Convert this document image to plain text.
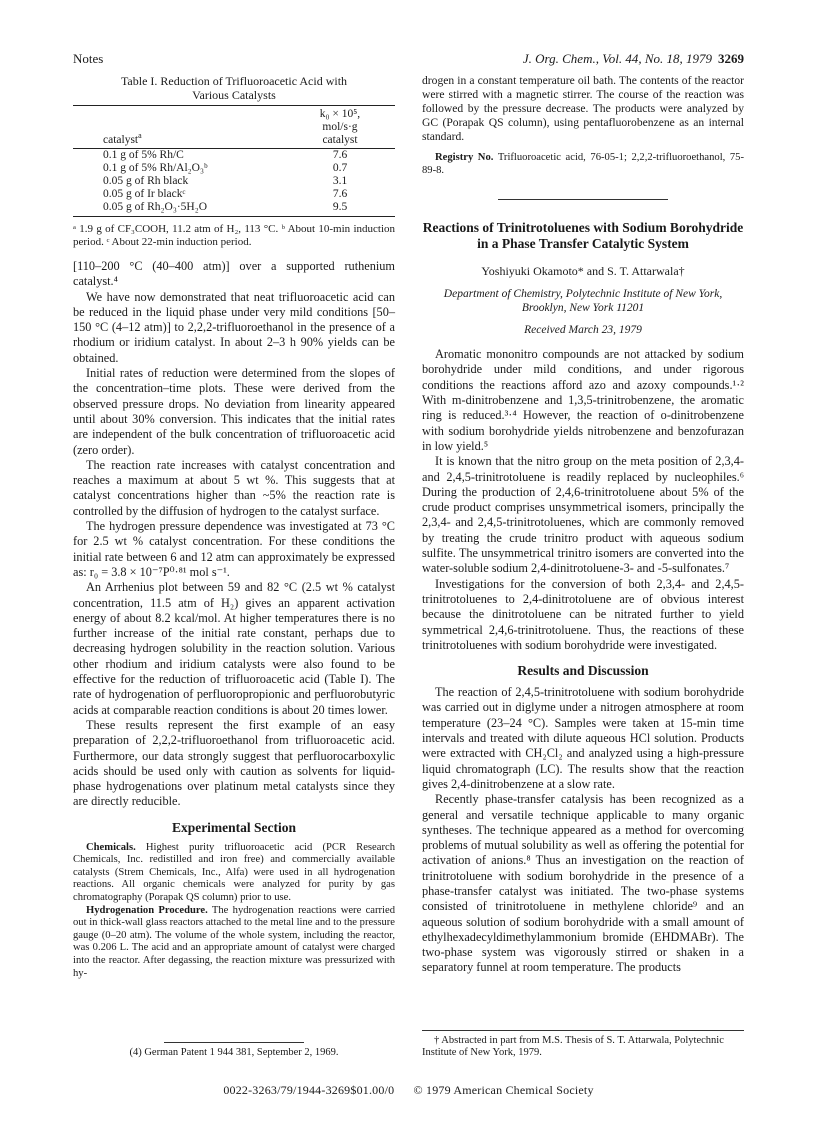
Notes	J. Org. Chem., Vol. 44, No. 18, 1979 3269
Table I. Reduction of Trifluoroacetic Acid with
Various Catalysts
catalyst$^a$	k₀ × 10⁵,
mol/s·g
catalyst

0.1 g of 5% Rh/C	7.6
0.1 g of 5% Rh/Al₂O₃ᵇ	0.7
0.05 g of Rh black	3.1
0.05 g of Ir blackᶜ	7.6
0.05 g of Rh₂O₃·5H₂O	9.5
ᵃ 1.9 g of CF₃COOH, 11.2 atm of H₂, 113 °C. ᵇ About 10-min induction period. ᶜ About 22-min induction period.

[110–200 °C (40–400 atm)] over a supported ruthenium catalyst.⁴

We have now demonstrated that neat trifluoroacetic acid can be reduced in the liquid phase under very mild conditions [50–150 °C (4–12 atm)] to 2,2,2-trifluoroethanol in the presence of a rhodium or iridium catalyst. In about 2–3 h 90% yields can be obtained.

Initial rates of reduction were determined from the slopes of the concentration–time plots. These were derived from the observed pressure drops. No deviation from linearity appeared until about 30% conversion. This indicates that the initial rates are independent of the bulk concentration of trifluoroacetic acid (zero order).

The reaction rate increases with catalyst concentration and reaches a maximum at about 5 wt %. This suggests that at catalyst concentrations higher than ~5% the reaction rate is controlled by the diffusion of hydrogen to the catalyst surface.

The hydrogen pressure dependence was investigated at 73 °C for 2.5 wt % catalyst concentration. For these conditions the initial rate between 6 and 12 atm can approximately be expressed as: r₀ = 3.8 × 10⁻⁷P⁰·⁸¹ mol s⁻¹.

An Arrhenius plot between 59 and 82 °C (2.5 wt % catalyst concentration, 11.5 atm of H₂) gives an apparent activation energy of about 8.2 kcal/mol. At higher temperatures there is no further increase of the initial rate constant, perhaps due to decreasing hydrogen solubility in the reaction solution. Various other rhodium and iridium catalysts were also found to be effective for the reduction of trifluoroacetic acid (Table I). The rate of hydrogenation of perfluoropropionic and perfluorobutyric acids at comparable reaction conditions is about 20 times lower.

These results represent the first example of an easy preparation of 2,2,2-trifluoroethanol from trifluoroacetic acid. Furthermore, our data strongly suggest that perfluorocarboxylic acids should be used only with caution as solvents for liquid-phase hydrogenations over platinum metal catalysts since they are directly reducible.

Experimental Section

Chemicals. Highest purity trifluoroacetic acid (PCR Research Chemicals, Inc. redistilled and iron free) and commercially available catalysts (Strem Chemicals, Inc., Alfa) were used in all hydrogenation reactions. All organic chemicals were analyzed for purity by gas chromatography (Porapak QS column) prior to use.

Hydrogenation Procedure. The hydrogenation reactions were carried out in thick-wall glass reactors attached to the metal line and to the pressure gauge (0–20 atm). The volume of the whole system, including the reactor, was 0.206 L. The acid and an appropriate amount of catalyst were charged into the reactor. After degassing, the reaction mixture was pressurized with hy-

drogen in a constant temperature oil bath. The contents of the reactor were stirred with a magnetic stirrer. The course of the reaction was followed by the pressure decrease. The products were analyzed by GC (Porapak QS column), using pentafluorobenzene as an internal standard.

Registry No. Trifluoroacetic acid, 76-05-1; 2,2,2-trifluoroethanol, 75-89-8.

Reactions of Trinitrotoluenes with Sodium Borohydride in a Phase Transfer Catalytic System
Yoshiyuki Okamoto* and S. T. Attarwala†
Department of Chemistry, Polytechnic Institute of New York, Brooklyn, New York 11201
Received March 23, 1979

Aromatic mononitro compounds are not attacked by sodium borohydride under mild conditions, and under rigorous conditions the reactions afford azo and azoxy compounds.¹·² With m-dinitrobenzene and 1,3,5-trinitrobenzene, the aromatic ring is reduced.³·⁴ However, the reaction of o-dinitrobenzene with sodium borohydride yields nitrobenzene and benzofurazan in low yield.⁵

It is known that the nitro group on the meta position of 2,3,4- and 2,4,5-trinitrotoluene is readily replaced by nucleophiles.⁶ During the production of 2,4,6-trinitrotoluene about 5% of the crude product comprises unsymmetrical isomers, principally the 2,3,4- and 2,4,5-trinitrotoluenes, which are commonly removed by treating the crude trinitro product with aqueous sodium sulfite. The unsymmetrical trinitro isomers are converted into the water-soluble sodium 2,4-dinitrotoluene-3- and -5-sulfonates.⁷

Investigations for the conversion of both 2,3,4- and 2,4,5-trinitrotoluenes to 2,4-dinitrotoluene are of obvious interest because the dinitrotoluene can be nitrated further to yield symmetrical 2,4,6-trinitrotoluene. Thus, the reactions of these trinitrotoluenes with sodium borohydride were investigated.

Results and Discussion

The reaction of 2,4,5-trinitrotoluene with sodium borohydride was carried out in diglyme under a nitrogen atmosphere at room temperature (23–24 °C). Samples were taken at 15-min time intervals and treated with dilute aqueous HCl solution. Products were extracted with CH₂Cl₂ and analyzed using a high-pressure liquid chromatograph (LC). The results show that the reaction gives 2,4-dinitrobenzene at a slow rate.

Recently phase-transfer catalysis has been recognized as a general and versatile technique applicable to many organic syntheses. The technique appeared as a method for overcoming problems of mutual solubility as well as offering the potential for activation of anions.⁸ Thus an investigation on the reaction of trinitrotoluene with sodium borohydride in the presence of a phase-transfer catalyst was initiated. The two-phase systems consisted of trinitrotoluene in methylene chloride⁹ and an aqueous solution of sodium borohydride with a small amount of ethylhexadecyldimethylammonium bromide (EHDMABr). The two-phase system was vigorously stirred or shaken in a separatory funnel at room temperature. The products

(4) German Patent 1 944 381, September 2, 1969.
† Abstracted in part from M.S. Thesis of S. T. Attarwala, Polytechnic Institute of New York, 1979.
0022-3263/79/1944-3269$01.00/0 © 1979 American Chemical Society
